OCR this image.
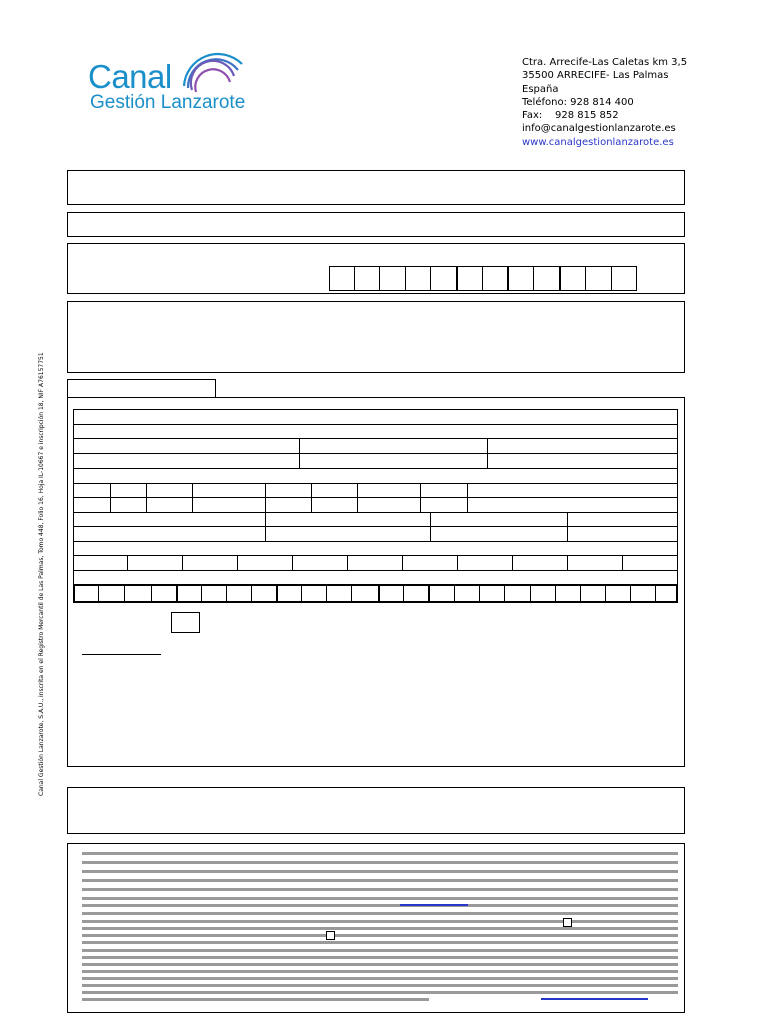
Canal
Gestión Lanzarote
Ctra. Arrecife-Las Caletas km 3,5
35500 ARRECIFE- Las Palmas
España
Teléfono: 928 814 400
Fax:    928 815 852
info@canalgestionlanzarote.es
www.canalgestionlanzarote.es
Canal Gestión Lanzarote, S.A.U., inscrita en el Registro Mercantil de Las Palmas, Tomo 448, Folio 16, Hoja IL-10667 e inscripción 18, NIF A76157751
